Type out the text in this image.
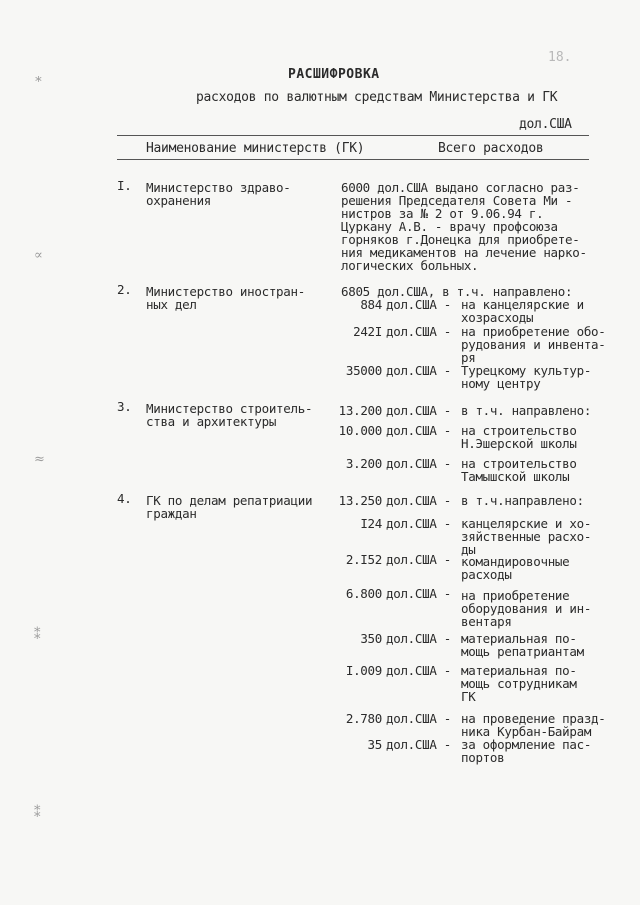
18.
РАСШИФРОВКА
расходов по валютным средствам Министерства и ГК
дол.США
Наименование министерств (ГК)	Всего расходов
I. Министерство здраво-
охранения
6000 дол.США выдано согласно раз-
решения Председателя Совета Ми -
нистров за № 2 от 9.06.94 г.
Цуркану А.В. - врачу профсоюза
горняков г.Донецка для приобрете-
ния медикаментов на лечение нарко-
логических больных.
2. Министерство иностран-
ных дел
6805 дол.США, в т.ч. направлено:
884 дол.США - на канцелярские и
хозрасходы
242I дол.США - на приобретение обо-
рудования и инвента-
ря
35000 дол.США - Турецкому культур-
ному центру
3. Министерство строитель-
ства и архитектуры
13.200 дол.США - в т.ч. направлено:
10.000 дол.США - на строительство
Н.Эшерской школы
3.200 дол.США - на строительство
Тамышской школы
4. ГК по делам репатриации
граждан
13.250 дол.США - в т.ч.направлено:
I24 дол.США - канцелярские и хо-
зяйственные расхо-
ды
2.I52 дол.США - командировочные
расходы
6.800 дол.США - на приобретение
оборудования и ин-
вентаря
350 дол.США - материальная по-
мощь репатриантам
I.009 дол.США - материальная по-
мощь сотрудникам
ГК
2.780 дол.США - на проведение празд-
ника Курбан-Байрам
35 дол.США - за оформление пас-
портов
∗
∝
≈
⁑
⁑
